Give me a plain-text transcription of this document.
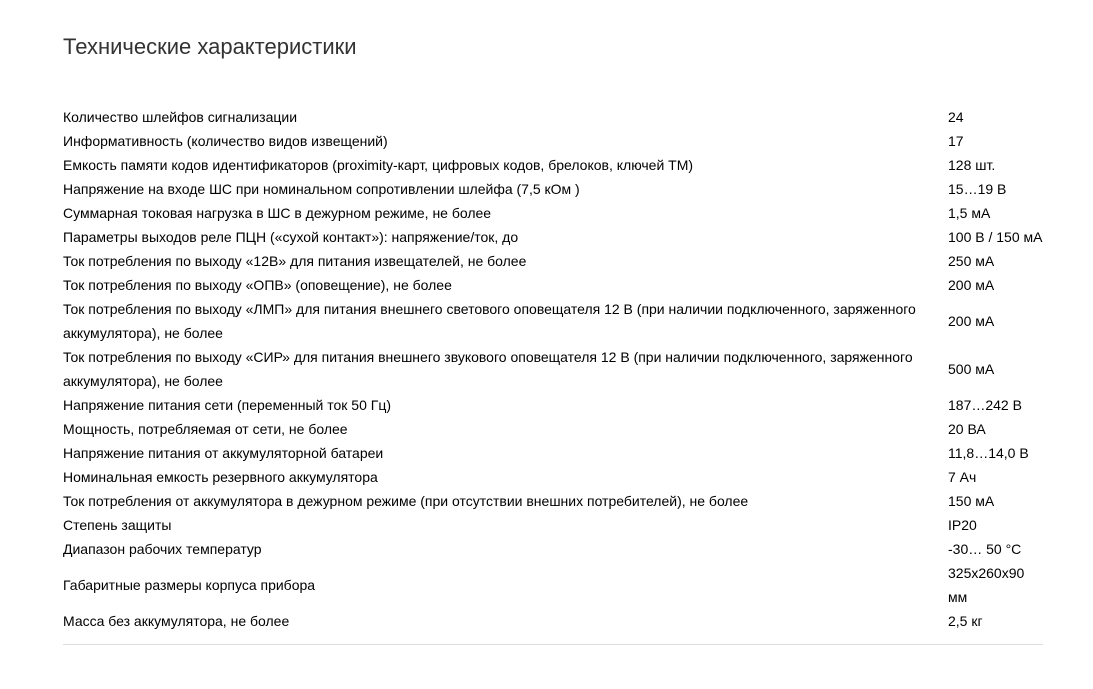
Технические характеристики
Количество шлейфов сигнализации	24
Информативность (количество видов извещений)	17
Емкость памяти кодов идентификаторов (proximity-карт, цифровых кодов, брелоков, ключей ТМ)	128 шт.
Напряжение на входе ШС при номинальном сопротивлении шлейфа (7,5 кОм )	15…19 В
Суммарная токовая нагрузка в ШС в дежурном режиме, не более	1,5 мА
Параметры выходов реле ПЦН («сухой контакт»): напряжение/ток, до	100 В / 150 мА
Ток потребления по выходу «12В» для питания извещателей, не более	250 мА
Ток потребления по выходу «ОПВ» (оповещение), не более	200 мА
Ток потребления по выходу «ЛМП» для питания внешнего светового оповещателя 12 В (при наличии подключенного, заряженного аккумулятора), не более	200 мА
Ток потребления по выходу «СИР» для питания внешнего звукового оповещателя 12 В (при наличии подключенного, заряженного аккумулятора), не более	500 мА
Напряжение питания сети (переменный ток 50 Гц)	187…242 В
Мощность, потребляемая от сети, не более	20 ВА
Напряжение питания от аккумуляторной батареи	11,8…14,0 В
Номинальная емкость резервного аккумулятора	7 Ач
Ток потребления от аккумулятора в дежурном режиме (при отсутствии внешних потребителей), не более	150 мА
Степень защиты	IP20
Диапазон рабочих температур	-30… 50 °С
Габаритные размеры корпуса прибора	325x260x90 мм
Масса без аккумулятора, не более	2,5 кг
